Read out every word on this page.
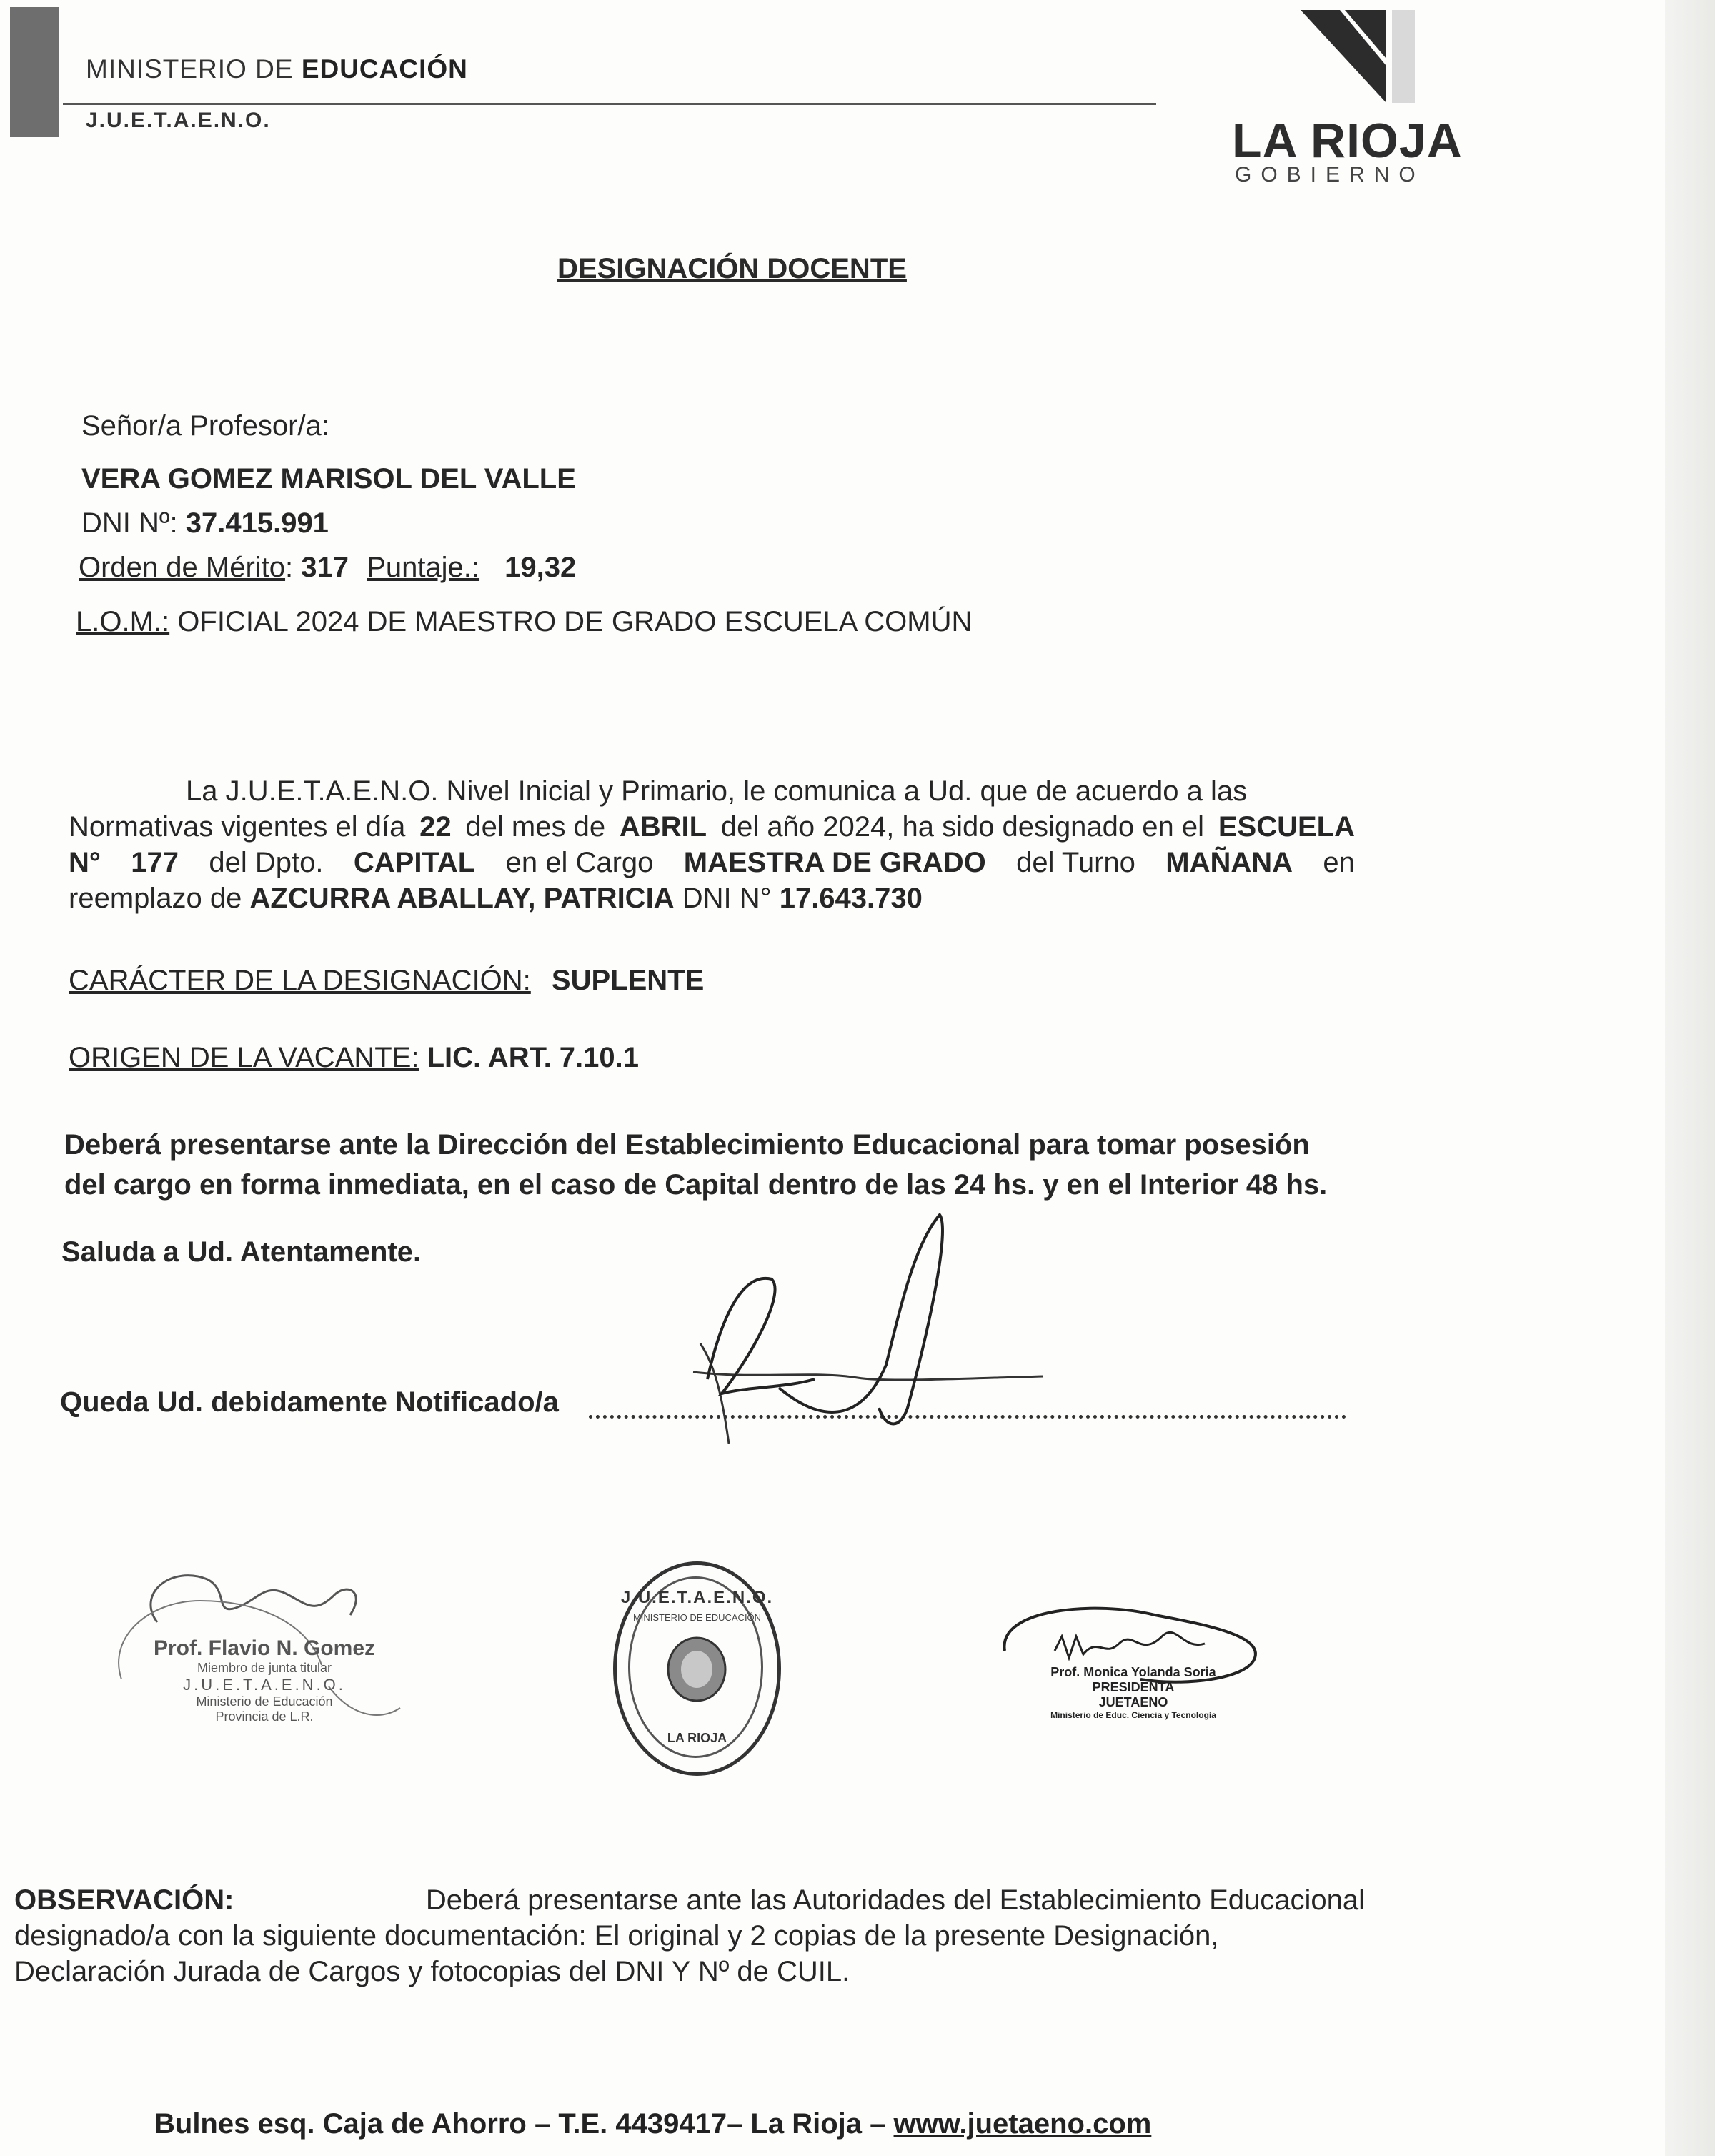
MINISTERIO DE EDUCACIÓN
J.U.E.T.A.E.N.O.	LA RIOJA
GOBIERNO
DESIGNACIÓN DOCENTE
Señor/a Profesor/a:
VERA GOMEZ MARISOL DEL VALLE
DNI Nº: 37.415.991
Orden de Mérito: 317 Puntaje.: 19,32
L.O.M.: OFICIAL 2024 DE MAESTRO DE GRADO ESCUELA COMÚN
La J.U.E.T.A.E.N.O. Nivel Inicial y Primario, le comunica a Ud. que de acuerdo a las
Normativas vigentes el día 22 del mes de ABRIL del año 2024, ha sido designado en el ESCUELA
N° 177 del Dpto. CAPITAL en el Cargo MAESTRA DE GRADO del Turno MAÑANA en
reemplazo de AZCURRA ABALLAY, PATRICIA DNI N° 17.643.730
CARÁCTER DE LA DESIGNACIÓN: SUPLENTE
ORIGEN DE LA VACANTE: LIC. ART. 7.10.1
Deberá presentarse ante la Dirección del Establecimiento Educacional para tomar posesión
del cargo en forma inmediata, en el caso de Capital dentro de las 24 hs. y en el Interior 48 hs.
Saluda a Ud. Atentamente.
Queda Ud. debidamente Notificado/a
Prof. Flavio N. Gomez
Miembro de junta titular
J.U.E.T.A.E.N.O.
Ministerio de Educación
Provincia de L.R.
J.U.E.T.A.E.N.O.
MINISTERIO DE EDUCACIÓN
LA RIOJA
Prof. Monica Yolanda Soria
PRESIDENTA
JUETAENO
Ministerio de Educ. Ciencia y Tecnología
OBSERVACIÓN:	Deberá presentarse ante las Autoridades del Establecimiento Educacional
designado/a con la siguiente documentación: El original y 2 copias de la presente Designación,
Declaración Jurada de Cargos y fotocopias del DNI Y Nº de CUIL.
Bulnes esq. Caja de Ahorro – T.E. 4439417– La Rioja – www.juetaeno.com
